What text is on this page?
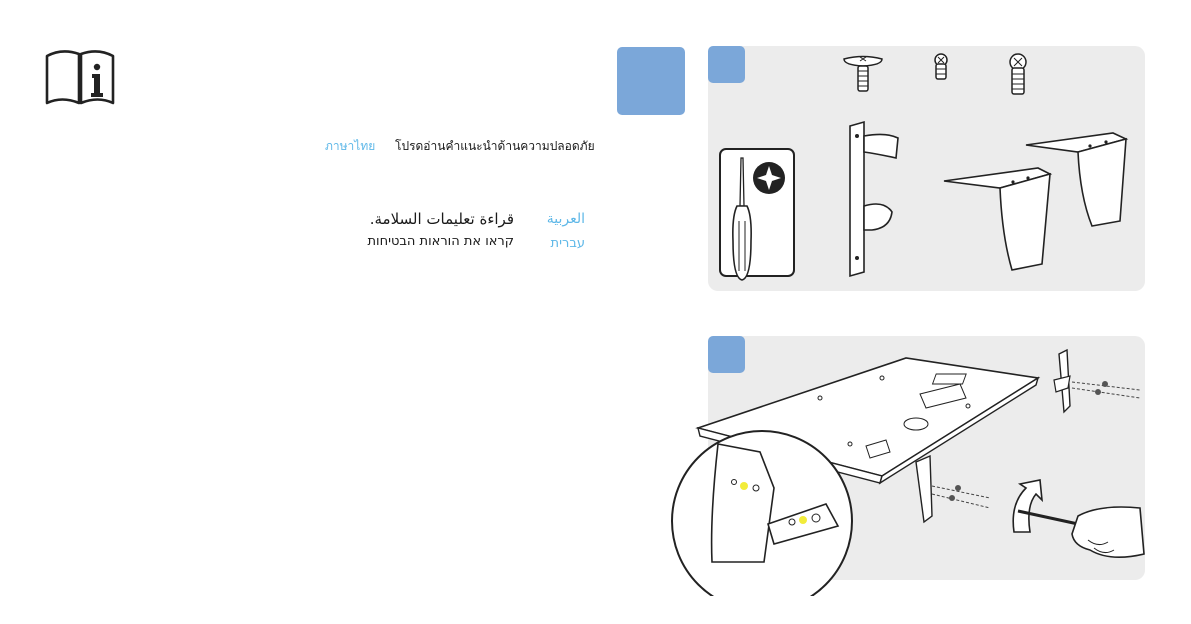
ภาษาไทย โปรดอ่านคำแนะนำด้านความปลอดภัย
العربية
قراءة تعليمات السلامة.
עברית
קראו את הוראות הבטיחות
